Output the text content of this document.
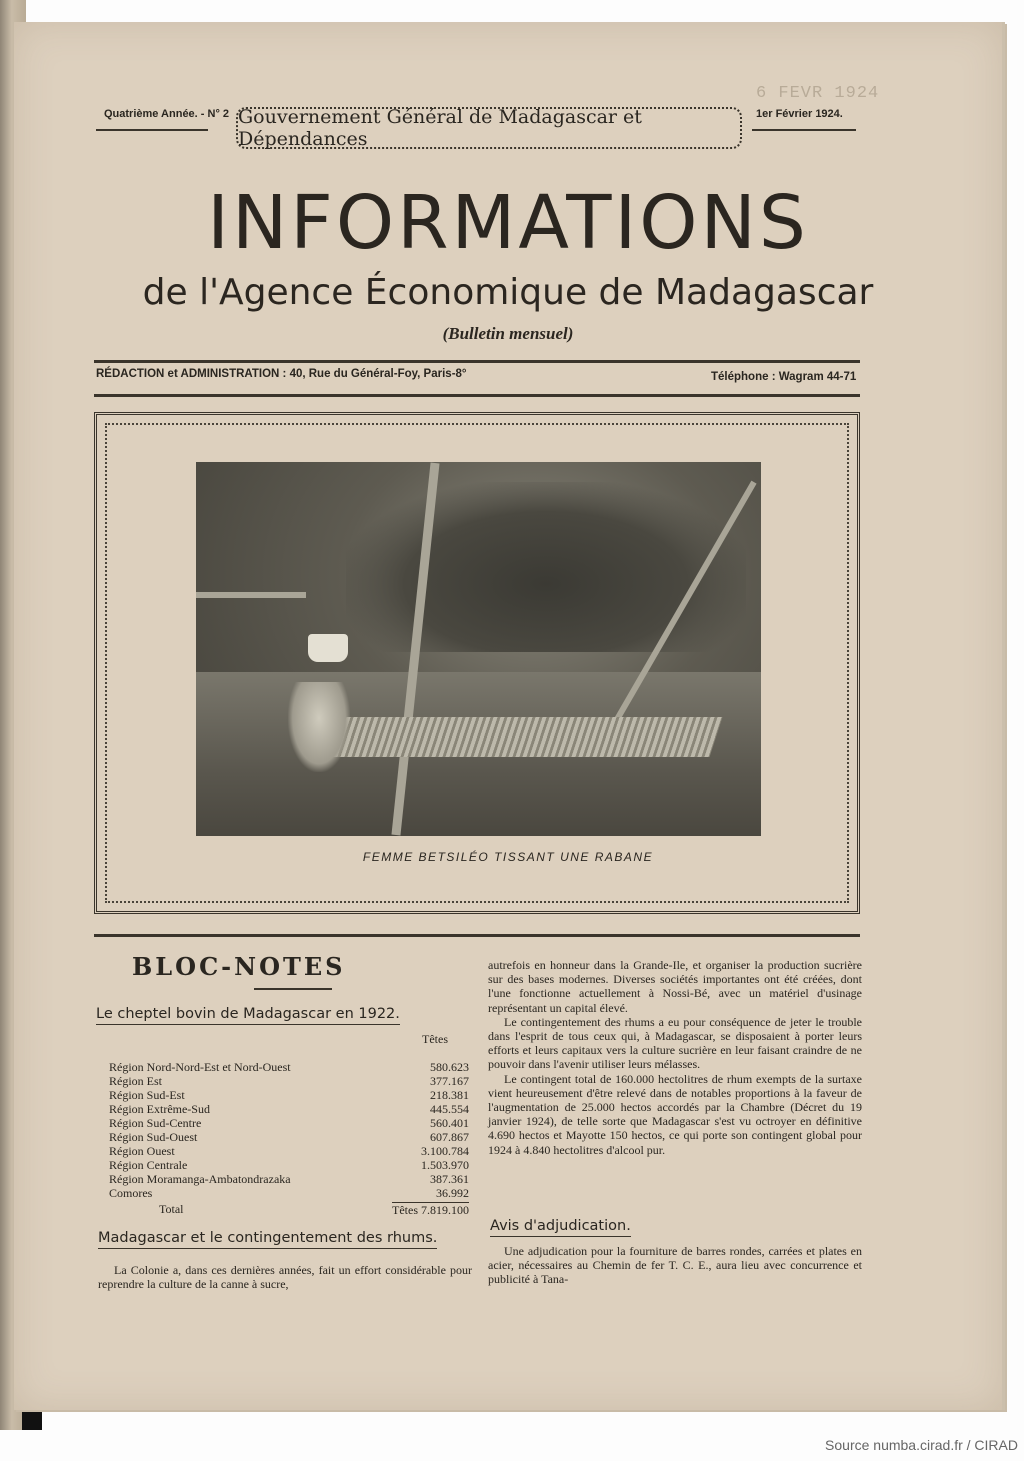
6 FEVR 1924
Quatrième Année. - N° 2	1er Février 1924.
Gouvernement Général de Madagascar et Dépendances
INFORMATIONS
de l'Agence Économique de Madagascar
(Bulletin mensuel)
RÉDACTION et ADMINISTRATION : 40, Rue du Général-Foy, Paris-8°	Téléphone : Wagram 44-71
FEMME BETSILÉO TISSANT UNE RABANE
BLOC-NOTES
Le cheptel bovin de Madagascar en 1922.
Têtes
Région Nord-Nord-Est et Nord-Ouest	580.623
Région Est	377.167
Région Sud-Est	218.381
Région Extrême-Sud	445.554
Région Sud-Centre	560.401
Région Sud-Ouest	607.867
Région Ouest	3.100.784
Région Centrale	1.503.970
Région Moramanga-Ambatondrazaka	387.361
Comores	36.992
Total	Têtes 7.819.100
Madagascar et le contingentement des rhums.

La Colonie a, dans ces dernières années, fait un effort considérable pour reprendre la culture de la canne à sucre,

autrefois en honneur dans la Grande-Ile, et organiser la production sucrière sur des bases modernes. Diverses sociétés importantes ont été créées, dont l'une fonctionne actuellement à Nossi-Bé, avec un matériel d'usinage représentant un capital élevé.

Le contingentement des rhums a eu pour conséquence de jeter le trouble dans l'esprit de tous ceux qui, à Madagascar, se disposaient à porter leurs efforts et leurs capitaux vers la culture sucrière en leur faisant craindre de ne pouvoir dans l'avenir utiliser leurs mélasses.

Le contingent total de 160.000 hectolitres de rhum exempts de la surtaxe vient heureusement d'être relevé dans de notables proportions à la faveur de l'augmentation de 25.000 hectos accordés par la Chambre (Décret du 19 janvier 1924), de telle sorte que Madagascar s'est vu octroyer en définitive 4.690 hectos et Mayotte 150 hectos, ce qui porte son contingent global pour 1924 à 4.840 hectolitres d'alcool pur.

Avis d'adjudication.

Une adjudication pour la fourniture de barres rondes, carrées et plates en acier, nécessaires au Chemin de fer T. C. E., aura lieu avec concurrence et publicité à Tana-

Source numba.cirad.fr / CIRAD
